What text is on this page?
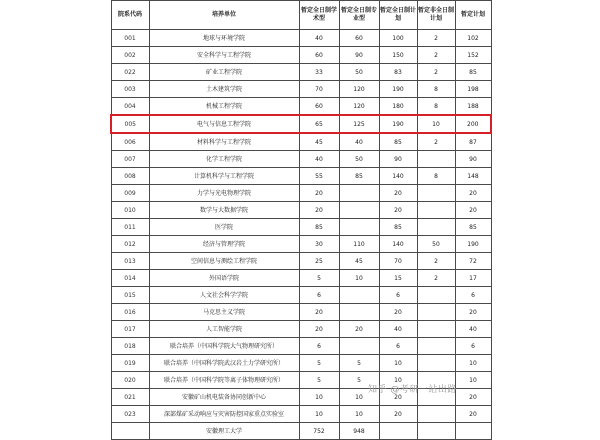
院系代码	培养单位	暂定全日制学术型	暂定全日制专业型	暂定全日制计划	暂定非全日制计划	暂定计划
001	地球与环境学院	40	60	100	2	102
002	安全科学与工程学院	60	90	150	2	152
022	矿业工程学院	33	50	83	2	85
003	土木建筑学院	70	120	190	8	198
004	机械工程学院	60	120	180	8	188
005	电气与信息工程学院	65	125	190	10	200
006	材料科学与工程学院	45	40	85	2	87
007	化学工程学院	40	50	90		90
008	计算机科学与工程学院	55	85	140	8	148
009	力学与光电物理学院	20		20		20
010	数学与大数据学院	20		20		20
011	医学院	85		85		85
012	经济与管理学院	30	110	140	50	190
013	空间信息与测绘工程学院	25	45	70	2	72
014	外国语学院	5	10	15	2	17
015	人文社会科学学院	6		6		6
016	马克思主义学院	20		20		20
017	人工智能学院	20	20	40		40
018	联合培养（中国科学院大气物理研究所）	6		6		6
019	联合培养（中国科学院武汉岩土力学研究所）	5	5	10		10
020	联合培养（中国科学院等离子体物理研究所）	5	5	10		10
021	安徽矿山机电装备协同创新中心	10	10	20		20
023	深部煤矿采动响应与灾害防控国家重点实验室	10	10	20		20
	安徽理工大学	752	948			
知乎 @考研一站出路
